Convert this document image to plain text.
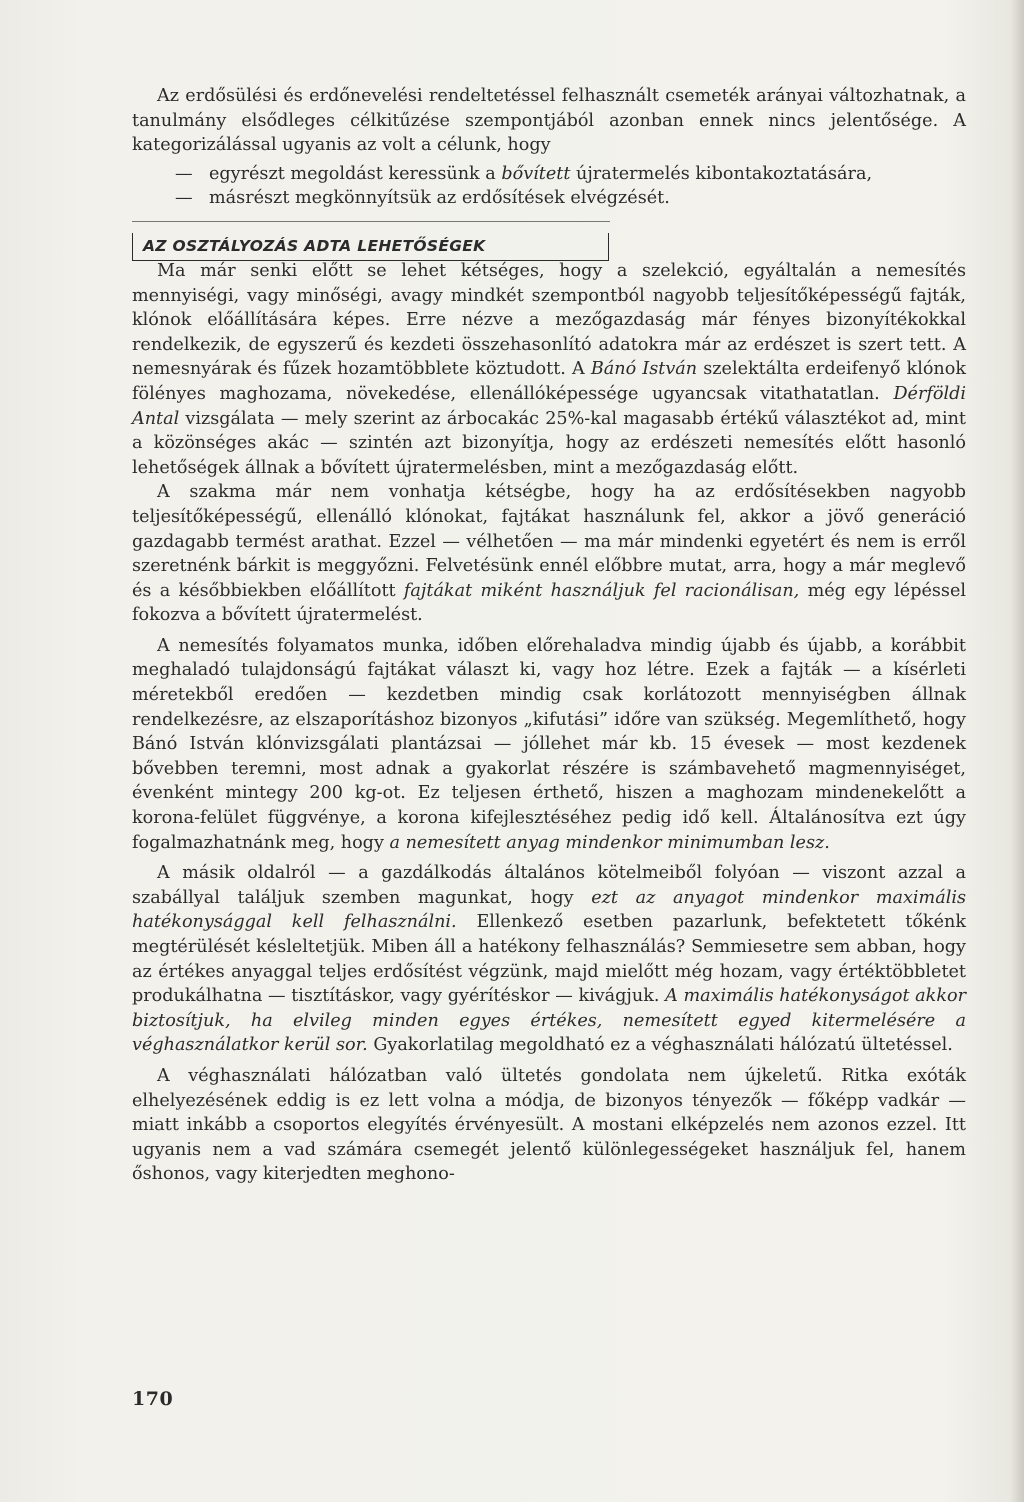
Az erdősülési és erdőnevelési rendeltetéssel felhasznált csemeték arányai változhatnak, a tanulmány elsődleges célkitűzése szempontjából azonban ennek nincs jelentősége. A kategorizálással ugyanis az volt a célunk, hogy

— egyrészt megoldást keressünk a bővített újratermelés kibontakoztatására,
— másrészt megkönnyítsük az erdősítések elvégzését.
AZ OSZTÁLYOZÁS ADTA LEHETŐSÉGEK

Ma már senki előtt se lehet kétséges, hogy a szelekció, egyáltalán a nemesítés mennyiségi, vagy minőségi, avagy mindkét szempontból nagyobb teljesítőképességű fajták, klónok előállítására képes. Erre nézve a mezőgazdaság már fényes bizonyítékokkal rendelkezik, de egyszerű és kezdeti összehasonlító adatokra már az erdészet is szert tett. A nemesnyárak és fűzek hozamtöbblete köztudott. A Bánó István szelektálta erdeifenyő klónok fölényes maghozama, növekedése, ellenállóképessége ugyancsak vitathatatlan. Dérföldi Antal vizsgálata — mely szerint az árbocakác 25%-kal magasabb értékű választékot ad, mint a közönséges akác — szintén azt bizonyítja, hogy az erdészeti nemesítés előtt hasonló lehetőségek állnak a bővített újratermelésben, mint a mezőgazdaság előtt.

A szakma már nem vonhatja kétségbe, hogy ha az erdősítésekben nagyobb teljesítőképességű, ellenálló klónokat, fajtákat használunk fel, akkor a jövő generáció gazdagabb termést arathat. Ezzel — vélhetően — ma már mindenki egyetért és nem is erről szeretnénk bárkit is meggyőzni. Felvetésünk ennél előbbre mutat, arra, hogy a már meglevő és a későbbiekben előállított fajtákat miként használjuk fel racionálisan, még egy lépéssel fokozva a bővített újratermelést.

A nemesítés folyamatos munka, időben előrehaladva mindig újabb és újabb, a korábbit meghaladó tulajdonságú fajtákat választ ki, vagy hoz létre. Ezek a fajták — a kísérleti méretekből eredően — kezdetben mindig csak korlátozott mennyiségben állnak rendelkezésre, az elszaporításhoz bizonyos „kifutási” időre van szükség. Megemlíthető, hogy Bánó István klónvizsgálati plantázsai — jóllehet már kb. 15 évesek — most kezdenek bővebben teremni, most adnak a gyakorlat részére is számbavehető magmennyiséget, évenként mintegy 200 kg-ot. Ez teljesen érthető, hiszen a maghozam mindenekelőtt a korona-felület függvénye, a korona kifejlesztéséhez pedig idő kell. Általánosítva ezt úgy fogalmazhatnánk meg, hogy a nemesített anyag mindenkor minimumban lesz.

A másik oldalról — a gazdálkodás általános kötelmeiből folyóan — viszont azzal a szabállyal találjuk szemben magunkat, hogy ezt az anyagot mindenkor maximális hatékonysággal kell felhasználni. Ellenkező esetben pazarlunk, befektetett tőkénk megtérülését késleltetjük. Miben áll a hatékony felhasználás? Semmiesetre sem abban, hogy az értékes anyaggal teljes erdősítést végzünk, majd mielőtt még hozam, vagy értéktöbbletet produkálhatna — tisztításkor, vagy gyérítéskor — kivágjuk. A maximális hatékonyságot akkor biztosítjuk, ha elvileg minden egyes értékes, nemesített egyed kitermelésére a véghasználatkor kerül sor. Gyakorlatilag megoldható ez a véghasználati hálózatú ültetéssel.

A véghasználati hálózatban való ültetés gondolata nem újkeletű. Ritka exóták elhelyezésének eddig is ez lett volna a módja, de bizonyos tényezők — főképp vadkár — miatt inkább a csoportos elegyítés érvényesült. A mostani elképzelés nem azonos ezzel. Itt ugyanis nem a vad számára csemegét jelentő különlegességeket használjuk fel, hanem őshonos, vagy kiterjedten meghono-

170
